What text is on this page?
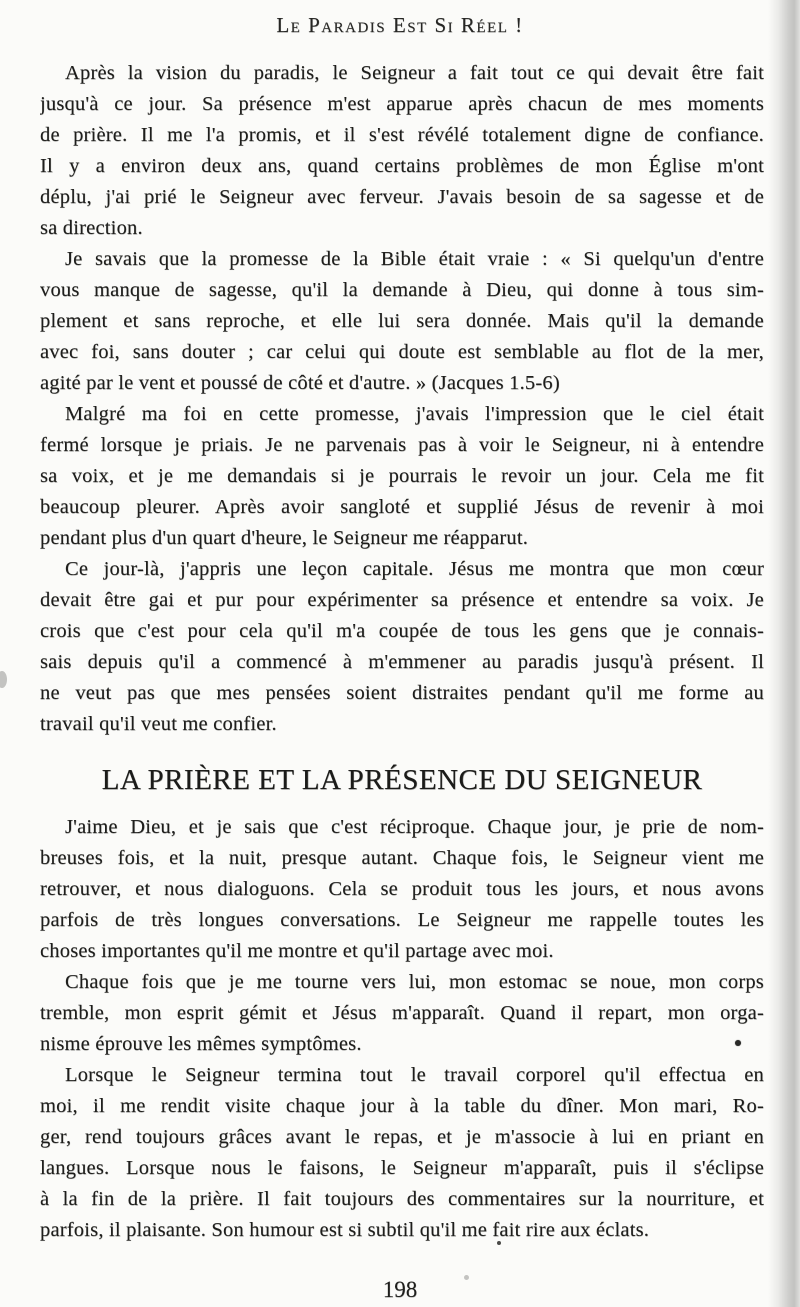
Le Paradis Est Si Réel !
Après la vision du paradis, le Seigneur a fait tout ce qui devait être fait
jusqu'à ce jour. Sa présence m'est apparue après chacun de mes moments
de prière. Il me l'a promis, et il s'est révélé totalement digne de confiance.
Il y a environ deux ans, quand certains problèmes de mon Église m'ont
déplu, j'ai prié le Seigneur avec ferveur. J'avais besoin de sa sagesse et de
sa direction.
Je savais que la promesse de la Bible était vraie : « Si quelqu'un d'entre
vous manque de sagesse, qu'il la demande à Dieu, qui donne à tous sim-
plement et sans reproche, et elle lui sera donnée. Mais qu'il la demande
avec foi, sans douter ; car celui qui doute est semblable au flot de la mer,
agité par le vent et poussé de côté et d'autre. » (Jacques 1.5-6)
Malgré ma foi en cette promesse, j'avais l'impression que le ciel était
fermé lorsque je priais. Je ne parvenais pas à voir le Seigneur, ni à entendre
sa voix, et je me demandais si je pourrais le revoir un jour. Cela me fit
beaucoup pleurer. Après avoir sangloté et supplié Jésus de revenir à moi
pendant plus d'un quart d'heure, le Seigneur me réapparut.
Ce jour-là, j'appris une leçon capitale. Jésus me montra que mon cœur
devait être gai et pur pour expérimenter sa présence et entendre sa voix. Je
crois que c'est pour cela qu'il m'a coupée de tous les gens que je connais-
sais depuis qu'il a commencé à m'emmener au paradis jusqu'à présent. Il
ne veut pas que mes pensées soient distraites pendant qu'il me forme au
travail qu'il veut me confier.
LA PRIÈRE ET LA PRÉSENCE DU SEIGNEUR
J'aime Dieu, et je sais que c'est réciproque. Chaque jour, je prie de nom-
breuses fois, et la nuit, presque autant. Chaque fois, le Seigneur vient me
retrouver, et nous dialoguons. Cela se produit tous les jours, et nous avons
parfois de très longues conversations. Le Seigneur me rappelle toutes les
choses importantes qu'il me montre et qu'il partage avec moi.
Chaque fois que je me tourne vers lui, mon estomac se noue, mon corps
tremble, mon esprit gémit et Jésus m'apparaît. Quand il repart, mon orga-
nisme éprouve les mêmes symptômes.
Lorsque le Seigneur termina tout le travail corporel qu'il effectua en
moi, il me rendit visite chaque jour à la table du dîner. Mon mari, Ro-
ger, rend toujours grâces avant le repas, et je m'associe à lui en priant en
langues. Lorsque nous le faisons, le Seigneur m'apparaît, puis il s'éclipse
à la fin de la prière. Il fait toujours des commentaires sur la nourriture, et
parfois, il plaisante. Son humour est si subtil qu'il me fait rire aux éclats.
198
